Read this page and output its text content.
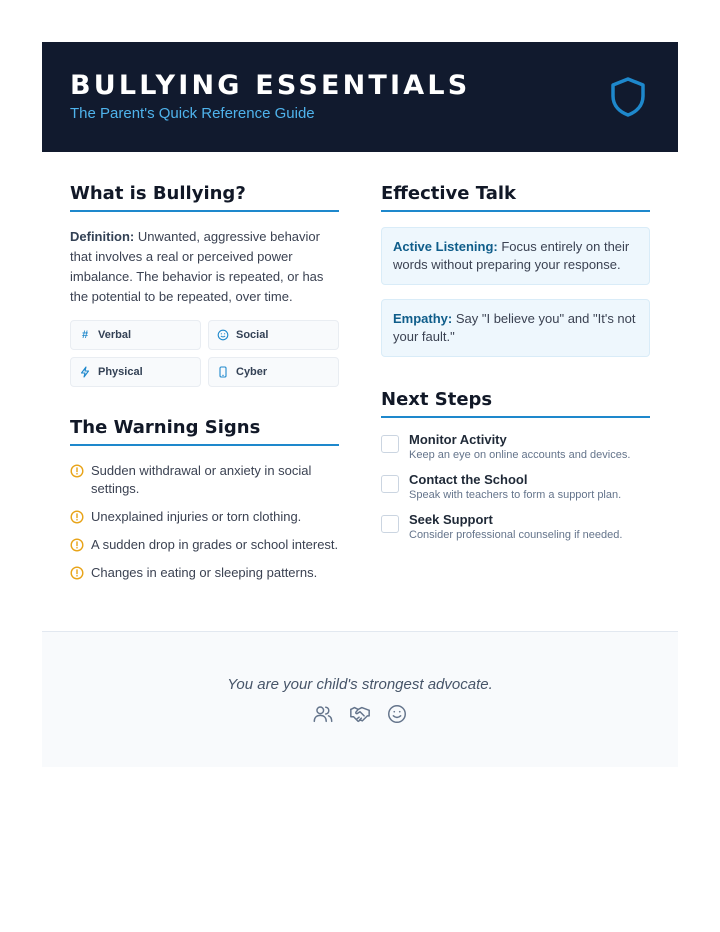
BULLYING ESSENTIALS
The Parent's Quick Reference Guide
What is Bullying?

Definition: Unwanted, aggressive behavior that involves a real or perceived power imbalance. The behavior is repeated, or has the potential to be repeated, over time.

# Verbal	Social
Physical	Cyber
The Warning Signs
Sudden withdrawal or anxiety in social settings.
Unexplained injuries or torn clothing.
A sudden drop in grades or school interest.
Changes in eating or sleeping patterns.
Effective Talk
Active Listening: Focus entirely on their words without preparing your response.
Empathy: Say "I believe you" and "It's not your fault."
Next Steps
Monitor Activity
Keep an eye on online accounts and devices.
Contact the School
Speak with teachers to form a support plan.
Seek Support
Consider professional counseling if needed.
You are your child's strongest advocate.
